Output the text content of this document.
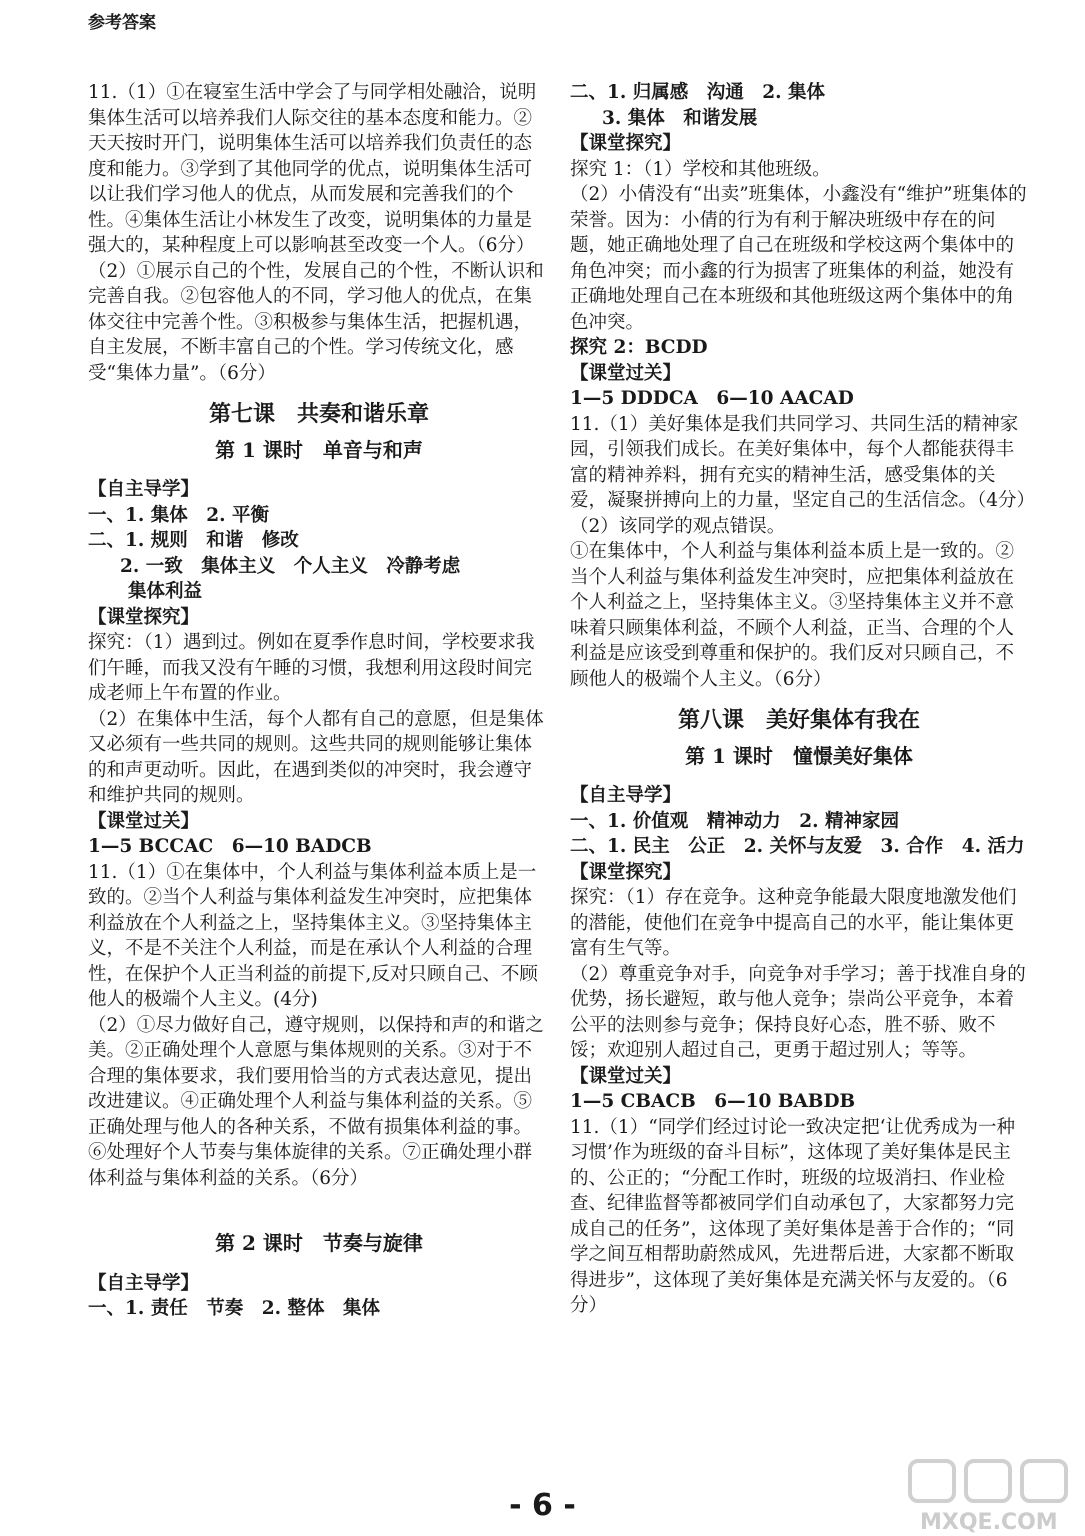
参考答案

11.（1）①在寝室生活中学会了与同学相处融洽，说明集体生活可以培养我们人际交往的基本态度和能力。②天天按时开门，说明集体生活可以培养我们负责任的态度和能力。③学到了其他同学的优点，说明集体生活可以让我们学习他人的优点，从而发展和完善我们的个性。④集体生活让小林发生了改变，说明集体的力量是强大的，某种程度上可以影响甚至改变一个人。（6分）

（2）①展示自己的个性，发展自己的个性，不断认识和完善自我。②包容他人的不同，学习他人的优点，在集体交往中完善个性。③积极参与集体生活，把握机遇，自主发展，不断丰富自己的个性。学习传统文化，感受“集体力量”。（6分）

第七课　共奏和谐乐章
第 1 课时　单音与和声

【自主导学】

一、1. 集体　2. 平衡

二、1. 规则　和谐　修改

2. 一致　集体主义　个人主义　冷静考虑

集体利益

【课堂探究】

探究：（1）遇到过。例如在夏季作息时间，学校要求我们午睡，而我又没有午睡的习惯，我想利用这段时间完成老师上午布置的作业。

（2）在集体中生活，每个人都有自己的意愿，但是集体又必须有一些共同的规则。这些共同的规则能够让集体的和声更动听。因此，在遇到类似的冲突时，我会遵守和维护共同的规则。

【课堂过关】

1—5 BCCAC　6—10 BADCB

11.（1）①在集体中，个人利益与集体利益本质上是一致的。②当个人利益与集体利益发生冲突时，应把集体利益放在个人利益之上，坚持集体主义。③坚持集体主义，不是不关注个人利益，而是在承认个人利益的合理性，在保护个人正当利益的前提下,反对只顾自己、不顾他人的极端个人主义。(4分)

（2）①尽力做好自己，遵守规则，以保持和声的和谐之美。②正确处理个人意愿与集体规则的关系。③对于不合理的集体要求，我们要用恰当的方式表达意见，提出改进建议。④正确处理个人利益与集体利益的关系。⑤正确处理与他人的各种关系，不做有损集体利益的事。⑥处理好个人节奏与集体旋律的关系。⑦正确处理小群体利益与集体利益的关系。（6分）

第 2 课时　节奏与旋律

【自主导学】

一、1. 责任　节奏　2. 整体　集体

二、1. 归属感　沟通　2. 集体

3. 集体　和谐发展

【课堂探究】

探究 1：（1）学校和其他班级。

（2）小倩没有“出卖”班集体，小鑫没有“维护”班集体的荣誉。因为：小倩的行为有利于解决班级中存在的问题，她正确地处理了自己在班级和学校这两个集体中的角色冲突；而小鑫的行为损害了班集体的利益，她没有正确地处理自己在本班级和其他班级这两个集体中的角色冲突。

探究 2：BCDD

【课堂过关】

1—5 DDDCA　6—10 AACAD

11.（1）美好集体是我们共同学习、共同生活的精神家园，引领我们成长。在美好集体中，每个人都能获得丰富的精神养料，拥有充实的精神生活，感受集体的关爱，凝聚拼搏向上的力量，坚定自己的生活信念。（4分）

（2）该同学的观点错误。

①在集体中，个人利益与集体利益本质上是一致的。②当个人利益与集体利益发生冲突时，应把集体利益放在个人利益之上，坚持集体主义。③坚持集体主义并不意味着只顾集体利益，不顾个人利益，正当、合理的个人利益是应该受到尊重和保护的。我们反对只顾自己，不顾他人的极端个人主义。（6分）

第八课　美好集体有我在
第 1 课时　憧憬美好集体

【自主导学】

一、1. 价值观　精神动力　2. 精神家园

二、1. 民主　公正　2. 关怀与友爱　3. 合作　4. 活力

【课堂探究】

探究：（1）存在竞争。这种竞争能最大限度地激发他们的潜能，使他们在竞争中提高自己的水平，能让集体更富有生气等。

（2）尊重竞争对手，向竞争对手学习；善于找准自身的优势，扬长避短，敢与他人竞争；崇尚公平竞争，本着公平的法则参与竞争；保持良好心态，胜不骄、败不馁；欢迎别人超过自己，更勇于超过别人；等等。

【课堂过关】

1—5 CBACB　6—10 BABDB

11.（1）“同学们经过讨论一致决定把‘让优秀成为一种习惯’作为班级的奋斗目标”，这体现了美好集体是民主的、公正的；“分配工作时，班级的垃圾消扫、作业检查、纪律监督等都被同学们自动承包了，大家都努力完成自己的任务”，这体现了美好集体是善于合作的；“同学之间互相帮助蔚然成风，先进帮后进，大家都不断取得进步”，这体现了美好集体是充满关怀与友爱的。（6分）

- 6 -	MXQE.COM
